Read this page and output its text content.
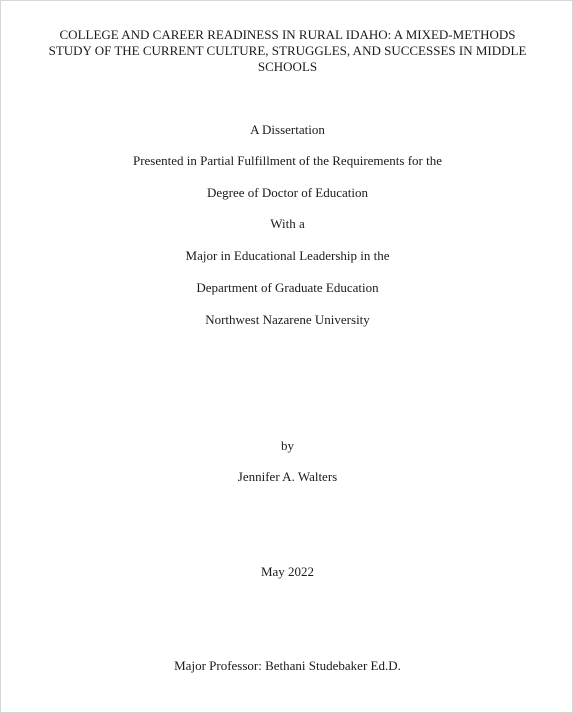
COLLEGE AND CAREER READINESS IN RURAL IDAHO: A MIXED-METHODS
STUDY OF THE CURRENT CULTURE, STRUGGLES, AND SUCCESSES IN MIDDLE
SCHOOLS
A Dissertation
Presented in Partial Fulfillment of the Requirements for the
Degree of Doctor of Education
With a
Major in Educational Leadership in the
Department of Graduate Education
Northwest Nazarene University
by
Jennifer A. Walters
May 2022
Major Professor: Bethani Studebaker Ed.D.
